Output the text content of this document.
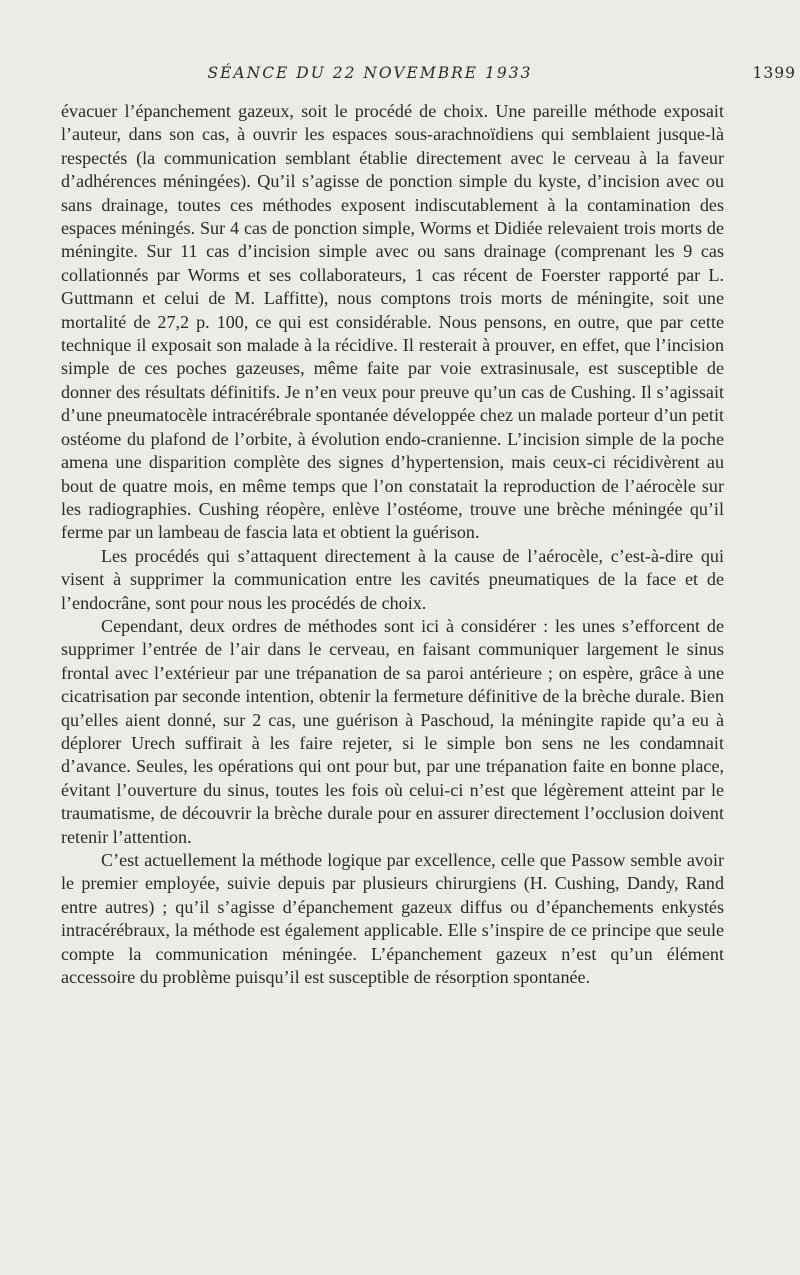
SÉANCE DU 22 NOVEMBRE 1933	1399

évacuer l’épanchement gazeux, soit le procédé de choix. Une pareille méthode exposait l’auteur, dans son cas, à ouvrir les espaces sous-arachnoïdiens qui semblaient jusque-là respectés (la communication semblant établie directement avec le cerveau à la faveur d’adhérences méningées). Qu’il s’agisse de ponction simple du kyste, d’incision avec ou sans drainage, toutes ces méthodes exposent indiscutablement à la contamination des espaces méningés. Sur 4 cas de ponction simple, Worms et Didiée relevaient trois morts de méningite. Sur 11 cas d’incision simple avec ou sans drainage (comprenant les 9 cas collationnés par Worms et ses collaborateurs, 1 cas récent de Foerster rapporté par L. Guttmann et celui de M. Laffitte), nous comptons trois morts de méningite, soit une mortalité de 27,2 p. 100, ce qui est considérable. Nous pensons, en outre, que par cette technique il exposait son malade à la récidive. Il resterait à prouver, en effet, que l’incision simple de ces poches gazeuses, même faite par voie extrasinusale, est susceptible de donner des résultats définitifs. Je n’en veux pour preuve qu’un cas de Cushing. Il s’agissait d’une pneumatocèle intracérébrale spontanée développée chez un malade porteur d’un petit ostéome du plafond de l’orbite, à évolution endo-cranienne. L’incision simple de la poche amena une disparition complète des signes d’hypertension, mais ceux-ci récidivèrent au bout de quatre mois, en même temps que l’on constatait la reproduction de l’aérocèle sur les radiographies. Cushing réopère, enlève l’ostéome, trouve une brèche méningée qu’il ferme par un lambeau de fascia lata et obtient la guérison.

Les procédés qui s’attaquent directement à la cause de l’aérocèle, c’est-à-dire qui visent à supprimer la communication entre les cavités pneumatiques de la face et de l’endocrâne, sont pour nous les procédés de choix.

Cependant, deux ordres de méthodes sont ici à considérer : les unes s’efforcent de supprimer l’entrée de l’air dans le cerveau, en faisant communiquer largement le sinus frontal avec l’extérieur par une trépanation de sa paroi antérieure ; on espère, grâce à une cicatrisation par seconde intention, obtenir la fermeture définitive de la brèche durale. Bien qu’elles aient donné, sur 2 cas, une guérison à Paschoud, la méningite rapide qu’a eu à déplorer Urech suffirait à les faire rejeter, si le simple bon sens ne les condamnait d’avance. Seules, les opérations qui ont pour but, par une trépanation faite en bonne place, évitant l’ouverture du sinus, toutes les fois où celui-ci n’est que légèrement atteint par le traumatisme, de découvrir la brèche durale pour en assurer directement l’occlusion doivent retenir l’attention.

C’est actuellement la méthode logique par excellence, celle que Passow semble avoir le premier employée, suivie depuis par plusieurs chirurgiens (H. Cushing, Dandy, Rand entre autres) ; qu’il s’agisse d’épanchement gazeux diffus ou d’épanchements enkystés intracérébraux, la méthode est également applicable. Elle s’inspire de ce principe que seule compte la communication méningée. L’épanchement gazeux n’est qu’un élément accessoire du problème puisqu’il est susceptible de résorption spontanée.
